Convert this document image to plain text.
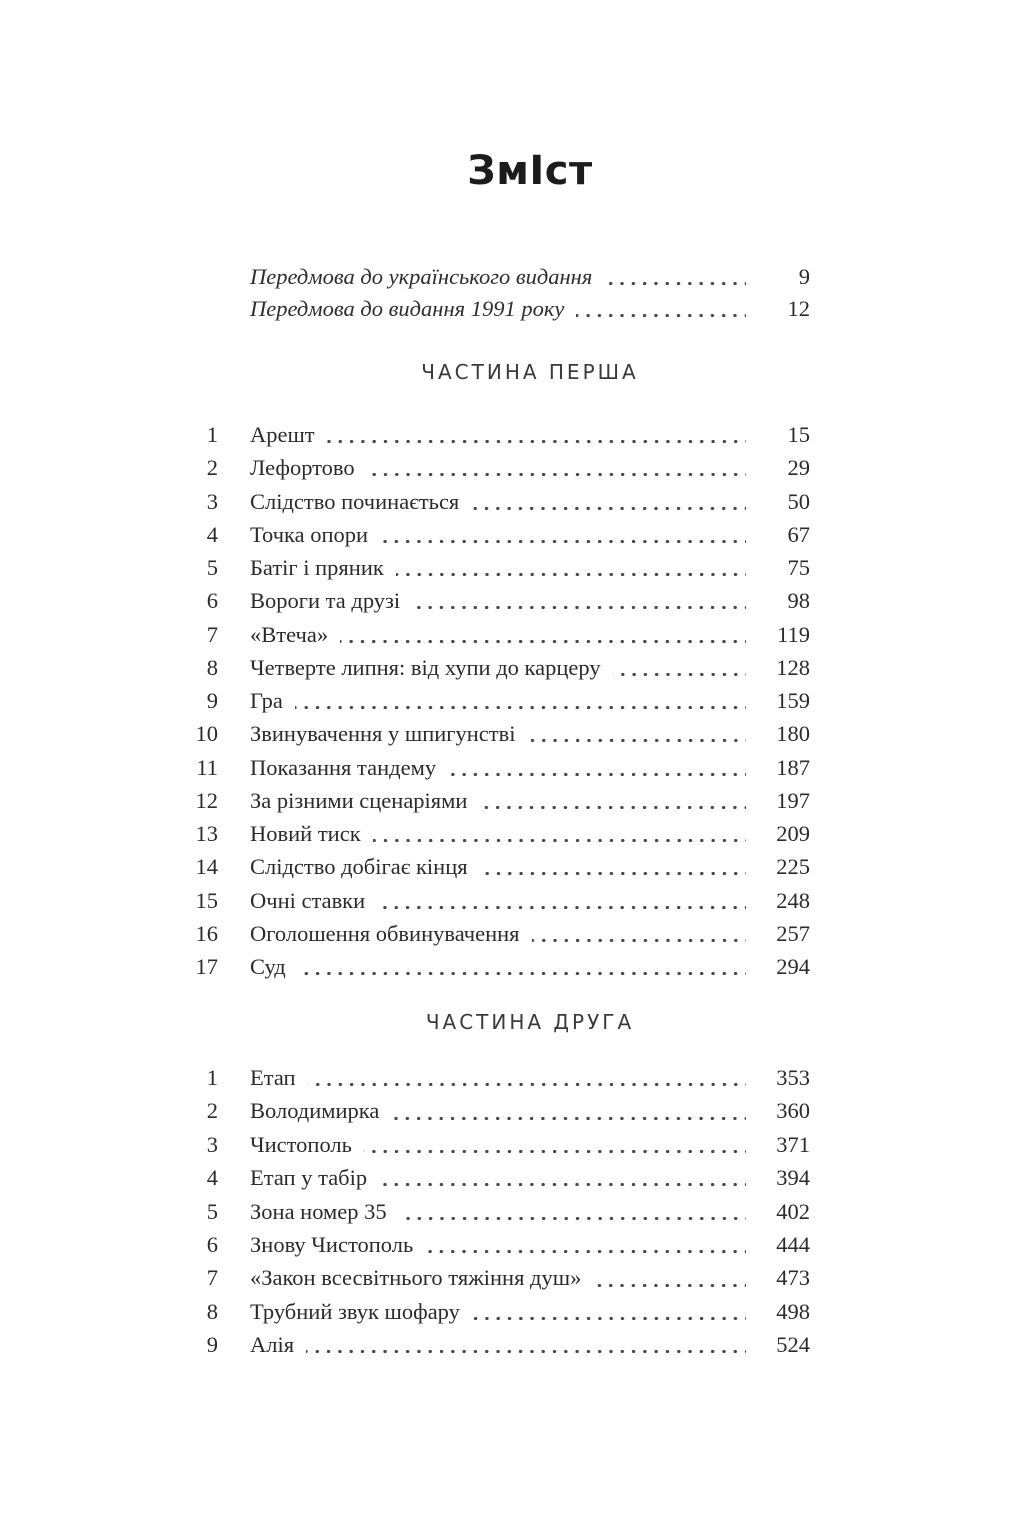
ЗмІст
Передмова до українського видання	9
Передмова до видання 1991 року	12
ЧАСТИНА ПЕРША
1 Арешт	15
2 Лефортово	29
3 Слідство починається	50
4 Точка опори	67
5 Батіг і пряник	75
6 Вороги та друзі	98
7 «Втеча»	119
8 Четверте липня: від хупи до карцеру	128
9 Гра	159
10 Звинувачення у шпигунстві	180
11 Показання тандему	187
12 За різними сценаріями	197
13 Новий тиск	209
14 Слідство добігає кінця	225
15 Очні ставки	248
16 Оголошення обвинувачення	257
17 Суд	294
ЧАСТИНА ДРУГА
1 Етап	353
2 Володимирка	360
3 Чистополь	371
4 Етап у табір	394
5 Зона номер 35	402
6 Знову Чистополь	444
7 «Закон всесвітнього тяжіння душ»	473
8 Трубний звук шофару	498
9 Алія	524
